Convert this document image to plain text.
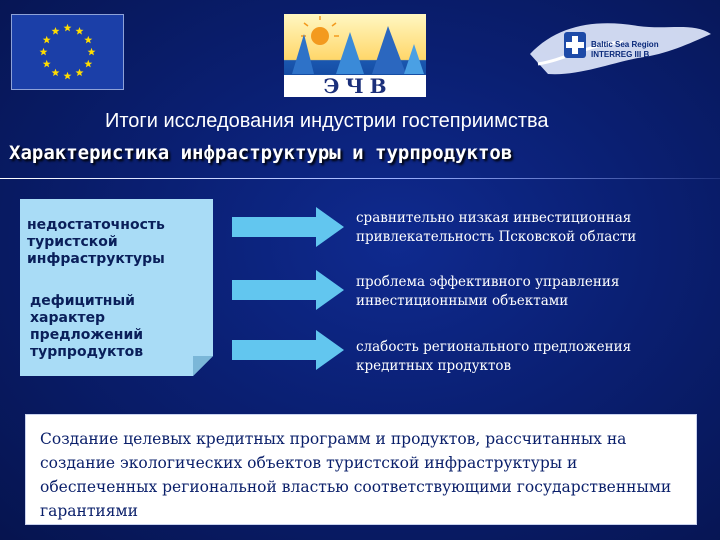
Э Ч В
Baltic Sea Region
INTERREG III B
Итоги исследования индустрии гостеприимства
Характеристика инфраструктуры и турпродуктов
недостаточность туристской инфраструктуры
дефицитный характер предложений турпродуктов
сравнительно низкая инвестиционная
привлекательность Псковской области
проблема эффективного управления
инвестиционными объектами
слабость регионального предложения
кредитных продуктов
Создание целевых кредитных программ и продуктов, рассчитанных на создание экологических объектов туристской инфраструктуры и обеспеченных региональной властью соответствующими государственными гарантиями
